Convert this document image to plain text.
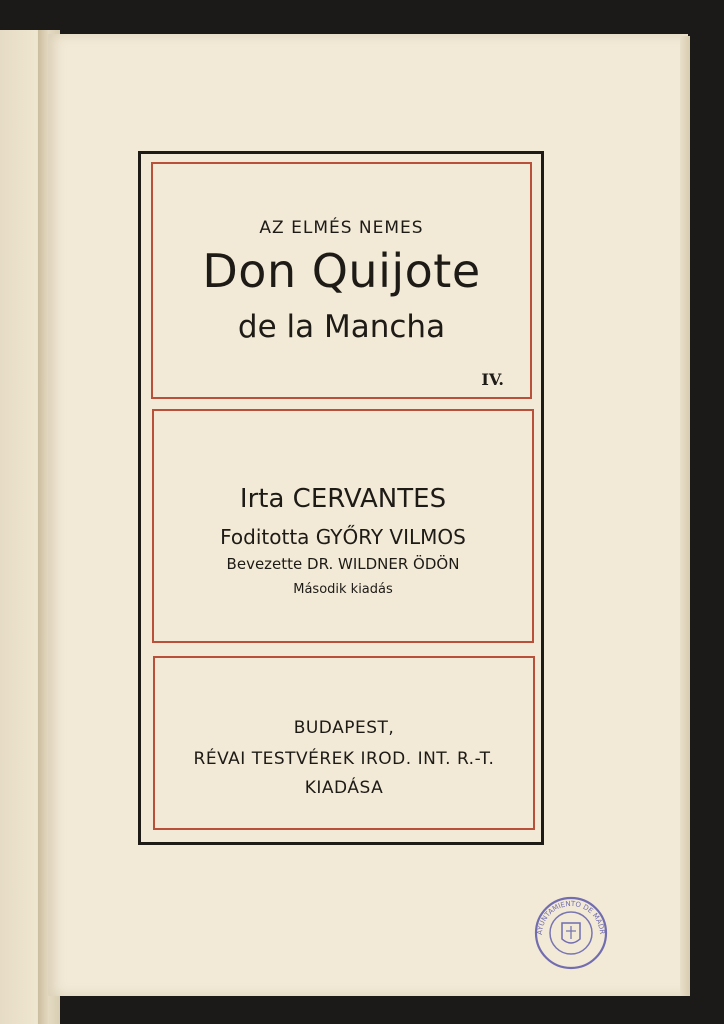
AZ ELMÉS NEMES
Don Quijote
de la Mancha
IV.
Irta CERVANTES
Foditotta GYŐRY VILMOS
Bevezette DR. WILDNER ÖDÖN
Második kiadás
BUDAPEST,
RÉVAI TESTVÉREK IROD. INT. R.-T.
KIADÁSA
AYUNTAMIENTO DE MADR
